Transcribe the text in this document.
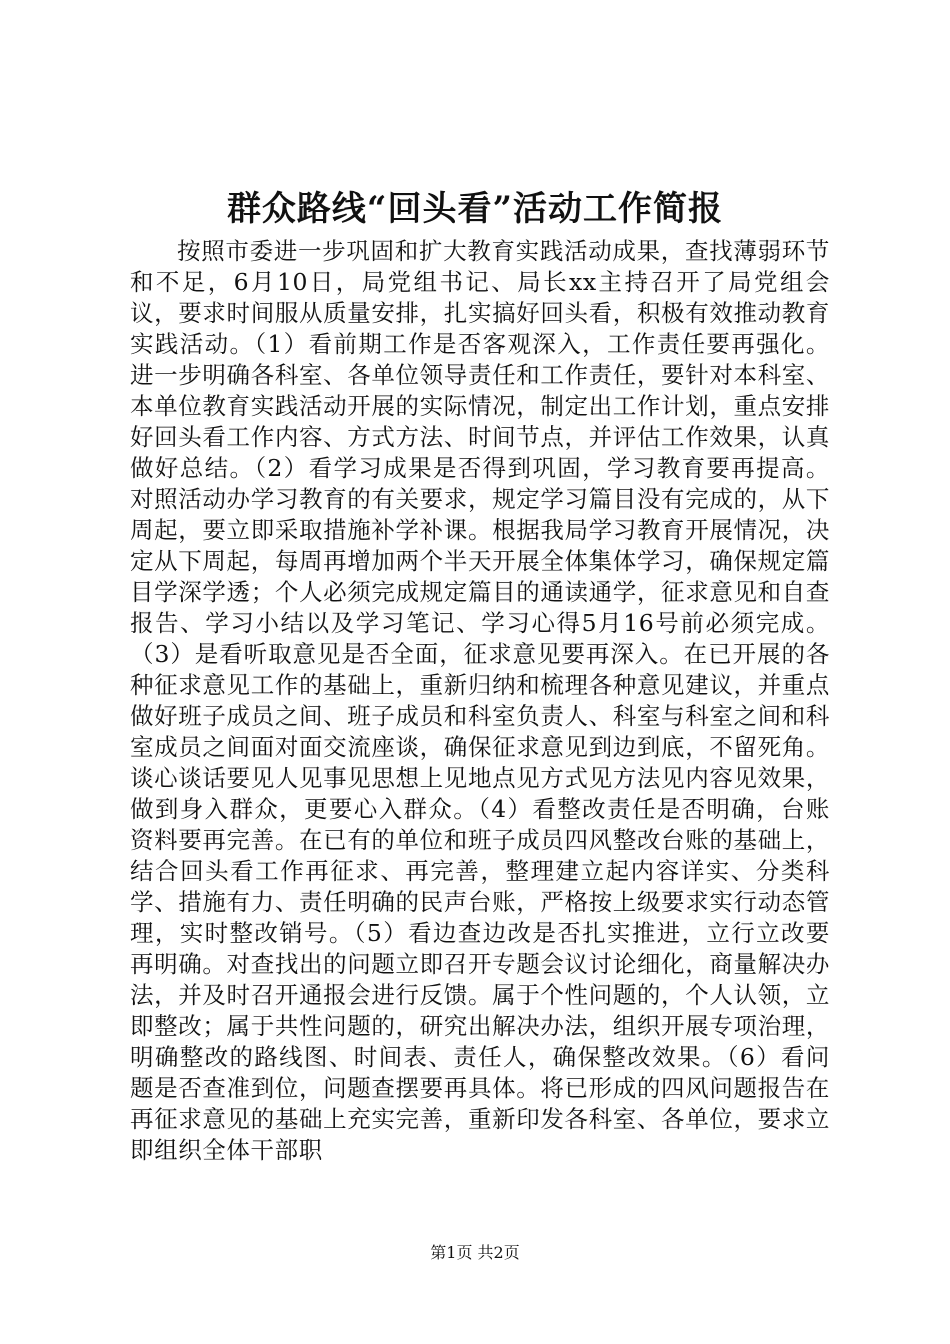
群众路线“回头看”活动工作简报

按照市委进一步巩固和扩大教育实践活动成果，查找薄弱环节和不足，6月10日，局党组书记、局长xx主持召开了局党组会议，要求时间服从质量安排，扎实搞好回头看，积极有效推动教育实践活动。（1）看前期工作是否客观深入，工作责任要再强化。进一步明确各科室、各单位领导责任和工作责任，要针对本科室、本单位教育实践活动开展的实际情况，制定出工作计划，重点安排好回头看工作内容、方式方法、时间节点，并评估工作效果，认真做好总结。（2）看学习成果是否得到巩固，学习教育要再提高。对照活动办学习教育的有关要求，规定学习篇目没有完成的，从下周起，要立即采取措施补学补课。根据我局学习教育开展情况，决定从下周起，每周再增加两个半天开展全体集体学习，确保规定篇目学深学透；个人必须完成规定篇目的通读通学，征求意见和自查报告、学习小结以及学习笔记、学习心得5月16号前必须完成。（3）是看听取意见是否全面，征求意见要再深入。在已开展的各种征求意见工作的基础上，重新归纳和梳理各种意见建议，并重点做好班子成员之间、班子成员和科室负责人、科室与科室之间和科室成员之间面对面交流座谈，确保征求意见到边到底，不留死角。谈心谈话要见人见事见思想上见地点见方式见方法见内容见效果，做到身入群众，更要心入群众。（4）看整改责任是否明确，台账资料要再完善。在已有的单位和班子成员四风整改台账的基础上，结合回头看工作再征求、再完善，整理建立起内容详实、分类科学、措施有力、责任明确的民声台账，严格按上级要求实行动态管理，实时整改销号。（5）看边查边改是否扎实推进，立行立改要再明确。对查找出的问题立即召开专题会议讨论细化，商量解决办法，并及时召开通报会进行反馈。属于个性问题的，个人认领，立即整改；属于共性问题的，研究出解决办法，组织开展专项治理，明确整改的路线图、时间表、责任人，确保整改效果。（6）看问题是否查准到位，问题查摆要再具体。将已形成的四风问题报告在再征求意见的基础上充实完善，重新印发各科室、各单位，要求立即组织全体干部职

第1页 共2页
